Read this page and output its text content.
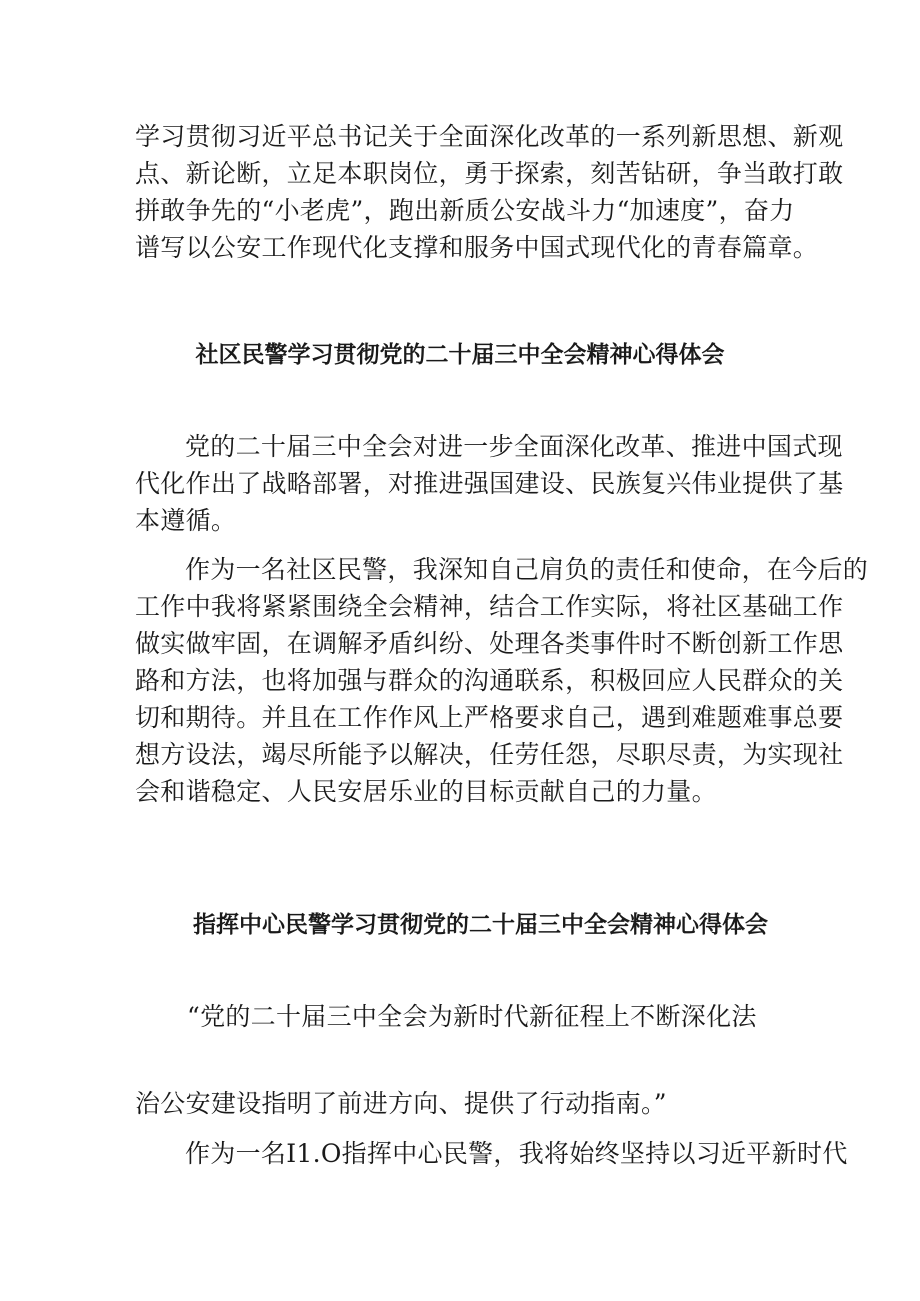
学习贯彻习近平总书记关于全面深化改革的一系列新思想、新观
点、新论断，立足本职岗位，勇于探索，刻苦钻研，争当敢打敢
拼敢争先的“小老虎”，跑出新质公安战斗力“加速度”，奋力
谱写以公安工作现代化支撑和服务中国式现代化的青春篇章。
社区民警学习贯彻党的二十届三中全会精神心得体会
党的二十届三中全会对进一步全面深化改革、推进中国式现
代化作出了战略部署，对推进强国建设、民族复兴伟业提供了基
本遵循。
作为一名社区民警，我深知自己肩负的责任和使命，在今后的
工作中我将紧紧围绕全会精神，结合工作实际，将社区基础工作
做实做牢固，在调解矛盾纠纷、处理各类事件时不断创新工作思
路和方法，也将加强与群众的沟通联系，积极回应人民群众的关
切和期待。并且在工作作风上严格要求自己，遇到难题难事总要
想方设法，竭尽所能予以解决，任劳任怨，尽职尽责，为实现社
会和谐稳定、人民安居乐业的目标贡献自己的力量。
指挥中心民警学习贯彻党的二十届三中全会精神心得体会
“党的二十届三中全会为新时代新征程上不断深化法
治公安建设指明了前进方向、提供了行动指南。”
作为一名I1.O指挥中心民警，我将始终坚持以习近平新时代
